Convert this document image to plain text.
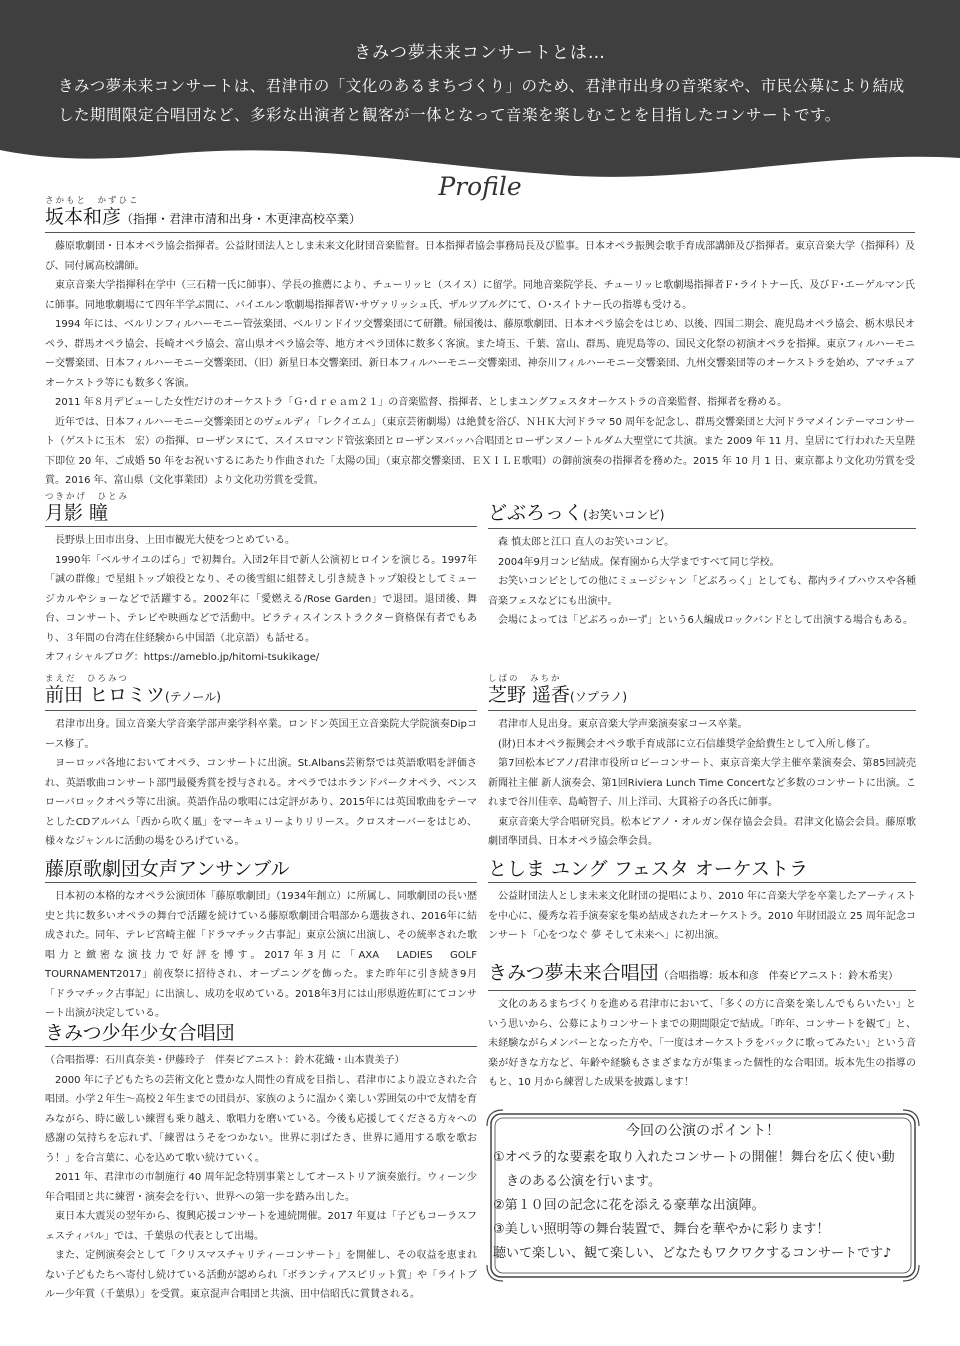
きみつ夢未来コンサートとは…
きみつ夢未来コンサートは、君津市の「文化のあるまちづくり」のため、君津市出身の音楽家や、市民公募により結成した期間限定合唱団など、多彩な出演者と観客が一体となって音楽を楽しむことを目指したコンサートです。
Profile
さかもと　かずひこ
坂本和彦（指揮・君津市清和出身・木更津高校卒業）

藤原歌劇団・日本オペラ協会指揮者。公益財団法人としま未来文化財団音楽監督。日本指揮者協会事務局長及び監事。日本オペラ振興会歌手育成部講師及び指揮者。東京音楽大学（指揮科）及び、同付属高校講師。

東京音楽大学指揮科在学中（三石精一氏に師事）、学長の推薦により、チューリッヒ（スイス）に留学。同地音楽院学長、チューリッヒ歌劇場指揮者Ｆ･ライトナー氏、及びＦ･エーゲルマン氏に師事。同地歌劇場にて四年半学ぶ間に、バイエルン歌劇場指揮者Ｗ･サヴァリッシュ氏、ザルツブルグにて、Ｏ･スイトナー氏の指導も受ける。

1994 年には、ベルリンフィルハーモニー管弦楽団、ベルリンドイツ交響楽団にて研鑽。帰国後は、藤原歌劇団、日本オペラ協会をはじめ、以後、四国二期会、鹿児島オペラ協会、栃木県民オペラ、群馬オペラ協会、長崎オペラ協会、富山県オペラ協会等、地方オペラ団体に数多く客演。また埼玉、千葉、富山、群馬、鹿児島等の、国民文化祭の初演オペラを指揮。東京フィルハーモニー交響楽団、日本フィルハーモニー交響楽団、（旧）新星日本交響楽団、新日本フィルハーモニー交響楽団、神奈川フィルハーモニー交響楽団、九州交響楽団等のオーケストラを始め、アマチュアオーケストラ等にも数多く客演。

2011 年８月デビューした女性だけのオーケストラ「Ｇ･ｄｒｅａｍ２１」の音楽監督、指揮者、としまユングフェスタオーケストラの音楽監督、指揮者を務める。

近年では、日本フィルハーモニー交響楽団とのヴェルディ「レクイエム」（東京芸術劇場）は絶賛を浴び、ＮＨＫ大河ドラマ 50 周年を記念し、群馬交響楽団と大河ドラマメインテーマコンサート（ゲストに玉木　宏）の指揮、ローザンヌにて、スイスロマンド管弦楽団とローザンヌバッハ合唱団とローザンヌノートルダム大聖堂にて共演。また 2009 年 11 月、皇居にて行われた天皇陛下即位 20 年、ご成婚 50 年をお祝いするにあたり作曲された「太陽の国」（東京都交響楽団、ＥＸＩＬＥ歌唱）の御前演奏の指揮者を務めた。2015 年 10 月 1 日、東京都より文化功労賞を受賞。2016 年、富山県（文化事業団）より文化功労賞を受賞。

つきかげ　ひとみ
月影 瞳

長野県上田市出身、上田市観光大使をつとめている。

1990年「ベルサイユのばら」で初舞台。入団2年目で新人公演初ヒロインを演じる。1997年「誠の群像」で星組トップ娘役となり、その後雪組に組替えし引き続きトップ娘役としてミュージカルやショーなどで活躍する。2002年に「愛燃える/Rose Garden」で退団。退団後、舞台、コンサート、テレビや映画などで活動中。ピラティスインストラクター資格保有者でもあり、３年間の台湾在住経験から中国語（北京語）も話せる。

オフィシャルブログ：https://ameblo.jp/hitomi-tsukikage/

どぶろっく(お笑いコンビ)

森 慎太郎と江口 直人のお笑いコンビ。

2004年9月コンビ結成。保育園から大学まですべて同じ学校。

お笑いコンビとしての他にミュージシャン「どぶろっく」としても、都内ライブハウスや各種音楽フェスなどにも出演中。

会場によっては「どぶろっかーず」という6人編成ロックバンドとして出演する場合もある。

まえだ　ひろみつ
前田 ヒロミツ(テノール)

君津市出身。国立音楽大学音楽学部声楽学科卒業。ロンドン英国王立音楽院大学院演奏Dipコース修了。

ヨーロッパ各地においてオペラ、コンサートに出演。St.Albans芸術祭では英語歌唱を評価され、英語歌曲コンサート部門最優秀賞を授与される。オペラではホランドパークオペラ、ベンスローバロックオペラ等に出演。英語作品の歌唱には定評があり、2015年には英国歌曲をテーマ としたCDアルバム「西から吹く風」をマーキュリーよりリリース。クロスオーバーをはじめ、様々なジャンルに活動の場をひろげている。

しばの　みちか
芝野 遥香(ソプラノ)

君津市人見出身。東京音楽大学声楽演奏家コース卒業。

(財)日本オペラ振興会オペラ歌手育成部に立石信雄奨学金給費生として入所し修了。

第7回松本ピアノ/君津市役所ロビーコンサート、東京音楽大学主催卒業演奏会、第85回読売新聞社主催 新人演奏会、第1回Riviera Lunch Time Concertなど多数のコンサートに出演。これまで谷川佳幸、島崎智子、川上洋司、大貫裕子の各氏に師事。

東京音楽大学合唱研究員。松本ピアノ・オルガン保存協会会員。君津文化協会会員。藤原歌劇団準団員、日本オペラ協会準会員。

藤原歌劇団女声アンサンブル

日本初の本格的なオペラ公演団体「藤原歌劇団」（1934年創立）に所属し、同歌劇団の長い歴史と共に数多いオペラの舞台で活躍を続けている藤原歌劇団合唱部から選抜され、2016年に結成された。同年、テレビ宮崎主催「ドラマチック古事記」東京公演に出演し、その統率された歌唱力と緻密な演技力で好評を博す。2017年3月に「AXA　LADIES　GOLF TOURNAMENT2017」前夜祭に招待され、オープニングを飾った。また昨年に引き続き9月「ドラマチック古事記」に出演し、成功を収めている。2018年3月には山形県遊佐町にてコンサート出演が決定している。

としま ユング フェスタ オーケストラ

公益財団法人としま未来文化財団の提唱により、2010 年に音楽大学を卒業したアーティストを中心に、優秀な若手演奏家を集め結成されたオーケストラ。2010 年財団設立 25 周年記念コンサート「心をつなぐ 夢 そして未来へ」に初出演。

きみつ少年少女合唱団

（合唱指導：石川真奈美・伊藤玲子　伴奏ピアニスト：鈴木花織・山本貴美子）

2000 年に子どもたちの芸術文化と豊かな人間性の育成を目指し、君津市により設立された合唱団。小学２年生～高校２年生までの団員が、家族のように温かく楽しい雰囲気の中で友情を育みながら、時に厳しい練習も乗り越え、歌唱力を磨いている。今後も応援してくださる方々への感謝の気持ちを忘れず、「練習はうそをつかない。世界に羽ばたき、世界に通用する歌を歌おう！」を合言葉に、心を込めて歌い続けていく。

2011 年、君津市の市制施行 40 周年記念特別事業としてオーストリア演奏旅行。ウィーン少年合唱団と共に練習・演奏会を行い、世界への第一歩を踏み出した。

東日本大震災の翌年から、復興応援コンサートを連続開催。2017 年夏は「子どもコーラスフェスティバル」では、千葉県の代表として出場。

また、定例演奏会として「クリスマスチャリティーコンサート」を開催し、その収益を恵まれない子どもたちへ寄付し続けている活動が認められ「ボランティアスピリット賞」や「ライトブルー少年賞（千葉県）」を受賞。東京混声合唱団と共演、田中信昭氏に賞賛される。

きみつ夢未来合唱団（合唱指導：坂本和彦　伴奏ピアニスト：鈴木希実）

文化のあるまちづくりを進める君津市において、「多くの方に音楽を楽しんでもらいたい」という思いから、公募によりコンサートまでの期間限定で結成。「昨年、コンサートを観て」と、未経験ながらメンバーとなった方や、「一度はオーケストラをバックに歌ってみたい」という音楽が好きな方など、年齢や経験もさまざまな方が集まった個性的な合唱団。坂本先生の指導のもと、10 月から練習した成果を披露します！

今回の公演のポイント！
①オペラ的な要素を取り入れたコンサートの開催！舞台を広く使い動
　きのある公演を行います。
②第１０回の記念に花を添える豪華な出演陣。
③美しい照明等の舞台装置で、舞台を華やかに彩ります！
聴いて楽しい、観て楽しい、どなたもワクワクするコンサートです♪
